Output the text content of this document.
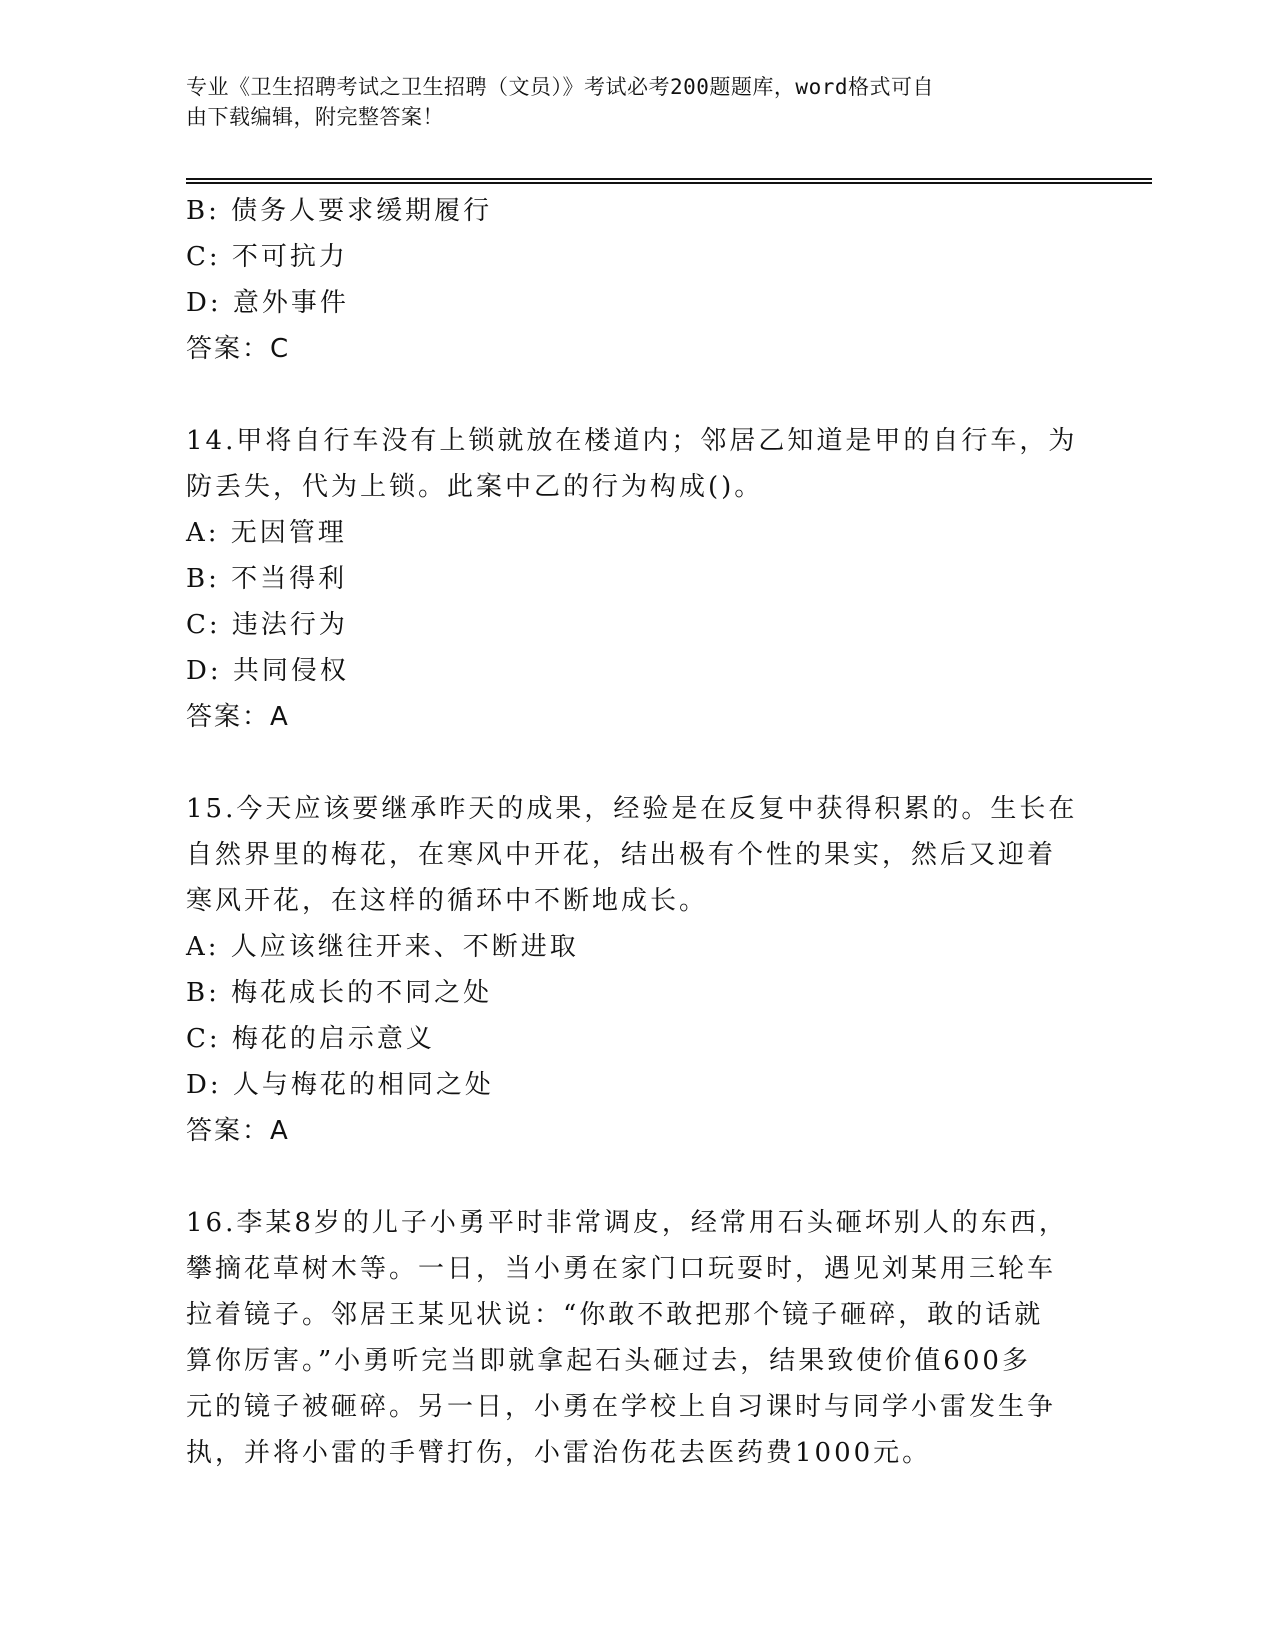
专业《卫生招聘考试之卫生招聘（文员）》考试必考200题题库，word格式可自
由下载编辑，附完整答案！
B: 债务人要求缓期履行
C: 不可抗力
D: 意外事件
答案：C
14.甲将自行车没有上锁就放在楼道内；邻居乙知道是甲的自行车，为
防丢失，代为上锁。此案中乙的行为构成()。
A: 无因管理
B: 不当得利
C: 违法行为
D: 共同侵权
答案：A
15.今天应该要继承昨天的成果，经验是在反复中获得积累的。生长在
自然界里的梅花，在寒风中开花，结出极有个性的果实，然后又迎着
寒风开花，在这样的循环中不断地成长。
A: 人应该继往开来、不断进取
B: 梅花成长的不同之处
C: 梅花的启示意义
D: 人与梅花的相同之处
答案：A
16.李某8岁的儿子小勇平时非常调皮，经常用石头砸坏别人的东西，
攀摘花草树木等。一日，当小勇在家门口玩耍时，遇见刘某用三轮车
拉着镜子。邻居王某见状说：“你敢不敢把那个镜子砸碎，敢的话就
算你厉害。”小勇听完当即就拿起石头砸过去，结果致使价值600多
元的镜子被砸碎。另一日，小勇在学校上自习课时与同学小雷发生争
执，并将小雷的手臂打伤，小雷治伤花去医药费1000元。
